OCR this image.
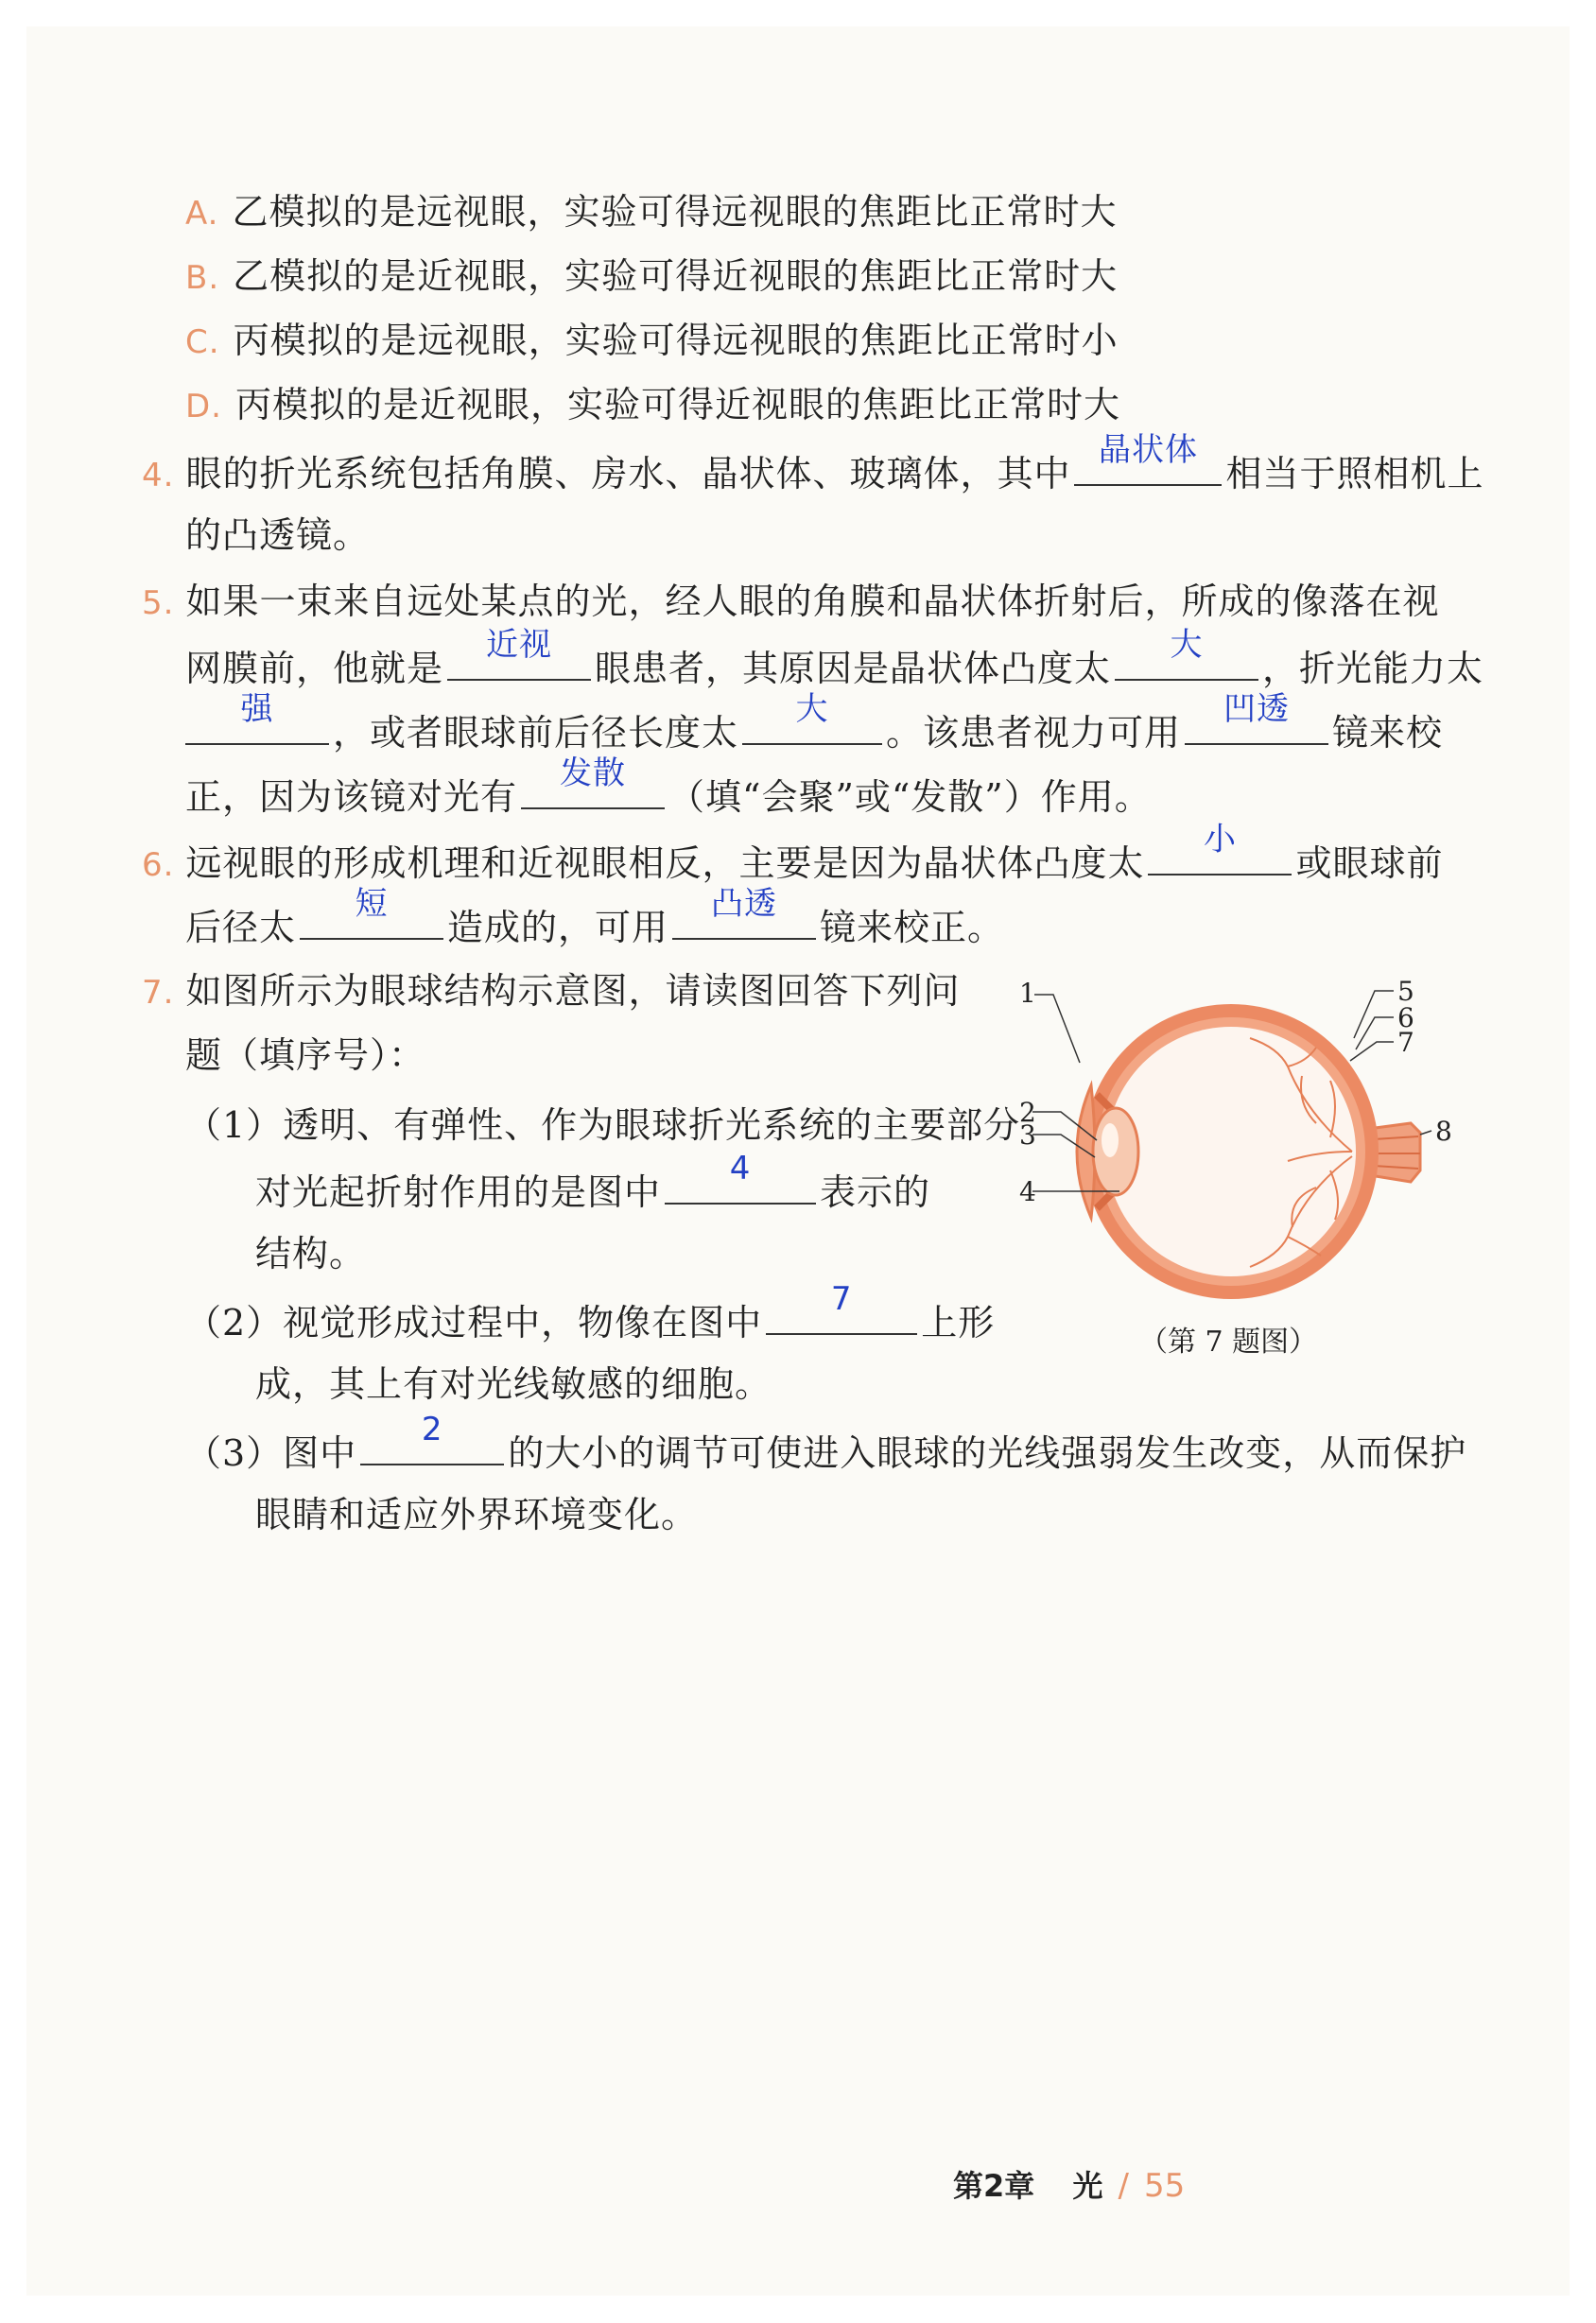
A. 乙模拟的是远视眼，实验可得远视眼的焦距比正常时大
B. 乙模拟的是近视眼，实验可得近视眼的焦距比正常时大
C. 丙模拟的是远视眼，实验可得远视眼的焦距比正常时小
D. 丙模拟的是近视眼，实验可得近视眼的焦距比正常时大
4. 眼的折光系统包括角膜、房水、晶状体、玻璃体，其中
晶状体
相当于照相机上
的凸透镜。
5. 如果一束来自远处某点的光，经人眼的角膜和晶状体折射后，所成的像落在视
网膜前，他就是
近视
眼患者，其原因是晶状体凸度太
大
，折光能力太
强
，或者眼球前后径长度太
大
。该患者视力可用
凹透
镜来校
正，因为该镜对光有
发散
（填“会聚”或“发散”）作用。
6. 远视眼的形成机理和近视眼相反，主要是因为晶状体凸度太
小
或眼球前
后径太
短
造成的，可用
凸透
镜来校正。
7. 如图所示为眼球结构示意图，请读图回答下列问
题（填序号）：
（1）透明、有弹性、作为眼球折光系统的主要部分
对光起折射作用的是图中
4
表示的
结构。
（2）视觉形成过程中，物像在图中
7
上形
成，其上有对光线敏感的细胞。
（3）图中
2
的大小的调节可使进入眼球的光线强弱发生改变，从而保护
眼睛和适应外界环境变化。
1
2
3
4
5
6
7
8
（第 7 题图）
第2章 光 / 55
